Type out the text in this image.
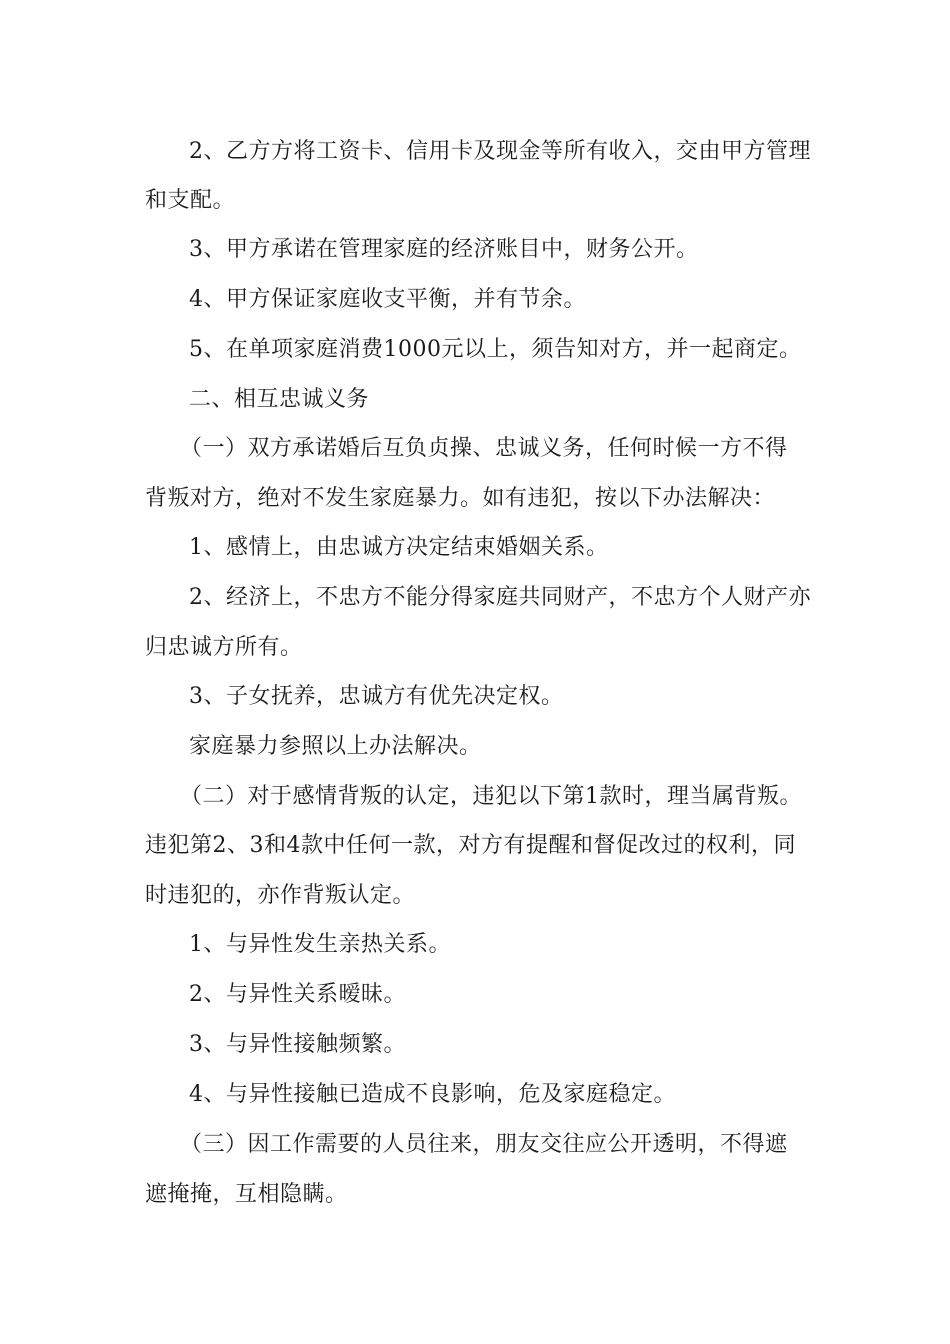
2、乙方方将工资卡、信用卡及现金等所有收入，交由甲方管理
和支配。
3、甲方承诺在管理家庭的经济账目中，财务公开。
4、甲方保证家庭收支平衡，并有节余。
5、在单项家庭消费1000元以上，须告知对方，并一起商定。
二、相互忠诚义务
（一）双方承诺婚后互负贞操、忠诚义务，任何时候一方不得
背叛对方，绝对不发生家庭暴力。如有违犯，按以下办法解决：
1、感情上，由忠诚方决定结束婚姻关系。
2、经济上，不忠方不能分得家庭共同财产，不忠方个人财产亦
归忠诚方所有。
3、子女抚养，忠诚方有优先决定权。
家庭暴力参照以上办法解决。
（二）对于感情背叛的认定，违犯以下第1款时，理当属背叛。
违犯第2、3和4款中任何一款，对方有提醒和督促改过的权利，同
时违犯的，亦作背叛认定。
1、与异性发生亲热关系。
2、与异性关系暧昧。
3、与异性接触频繁。
4、与异性接触已造成不良影响，危及家庭稳定。
（三）因工作需要的人员往来，朋友交往应公开透明，不得遮
遮掩掩，互相隐瞒。
